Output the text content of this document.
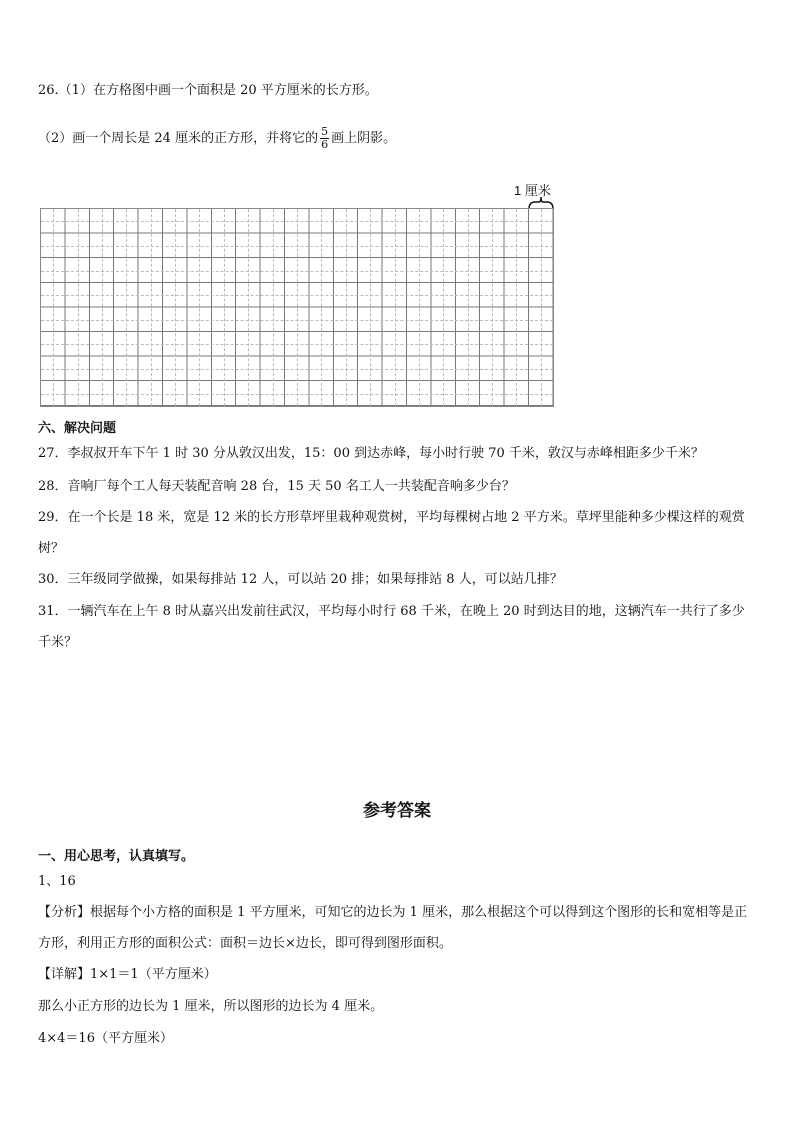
26.（1）在方格图中画一个面积是 20 平方厘米的长方形。
（2）画一个周长是 24 厘米的正方形，并将它的 $\frac{5}{6}$ 画上阴影。
1 厘米
六、解决问题
27．李叔叔开车下午 1 时 30 分从敦汉出发，15：00 到达赤峰，每小时行驶 70 千米，敦汉与赤峰相距多少千米？
28．音响厂每个工人每天装配音响 28 台，15 天 50 名工人一共装配音响多少台？
29．在一个长是 18 米，宽是 12 米的长方形草坪里栽种观赏树，平均每棵树占地 2 平方米。草坪里能种多少棵这样的观赏树？
30．三年级同学做操，如果每排站 12 人，可以站 20 排；如果每排站 8 人，可以站几排？
31．一辆汽车在上午 8 时从嘉兴出发前往武汉，平均每小时行 68 千米，在晚上 20 时到达目的地，这辆汽车一共行了多少千米？
参考答案
一、用心思考，认真填写。
1、16
【分析】根据每个小方格的面积是 1 平方厘米，可知它的边长为 1 厘米，那么根据这个可以得到这个图形的长和宽相等是正方形，利用正方形的面积公式：面积＝边长×边长，即可得到图形面积。
【详解】1×1＝1（平方厘米）
那么小正方形的边长为 1 厘米，所以图形的边长为 4 厘米。
4×4＝16（平方厘米）
